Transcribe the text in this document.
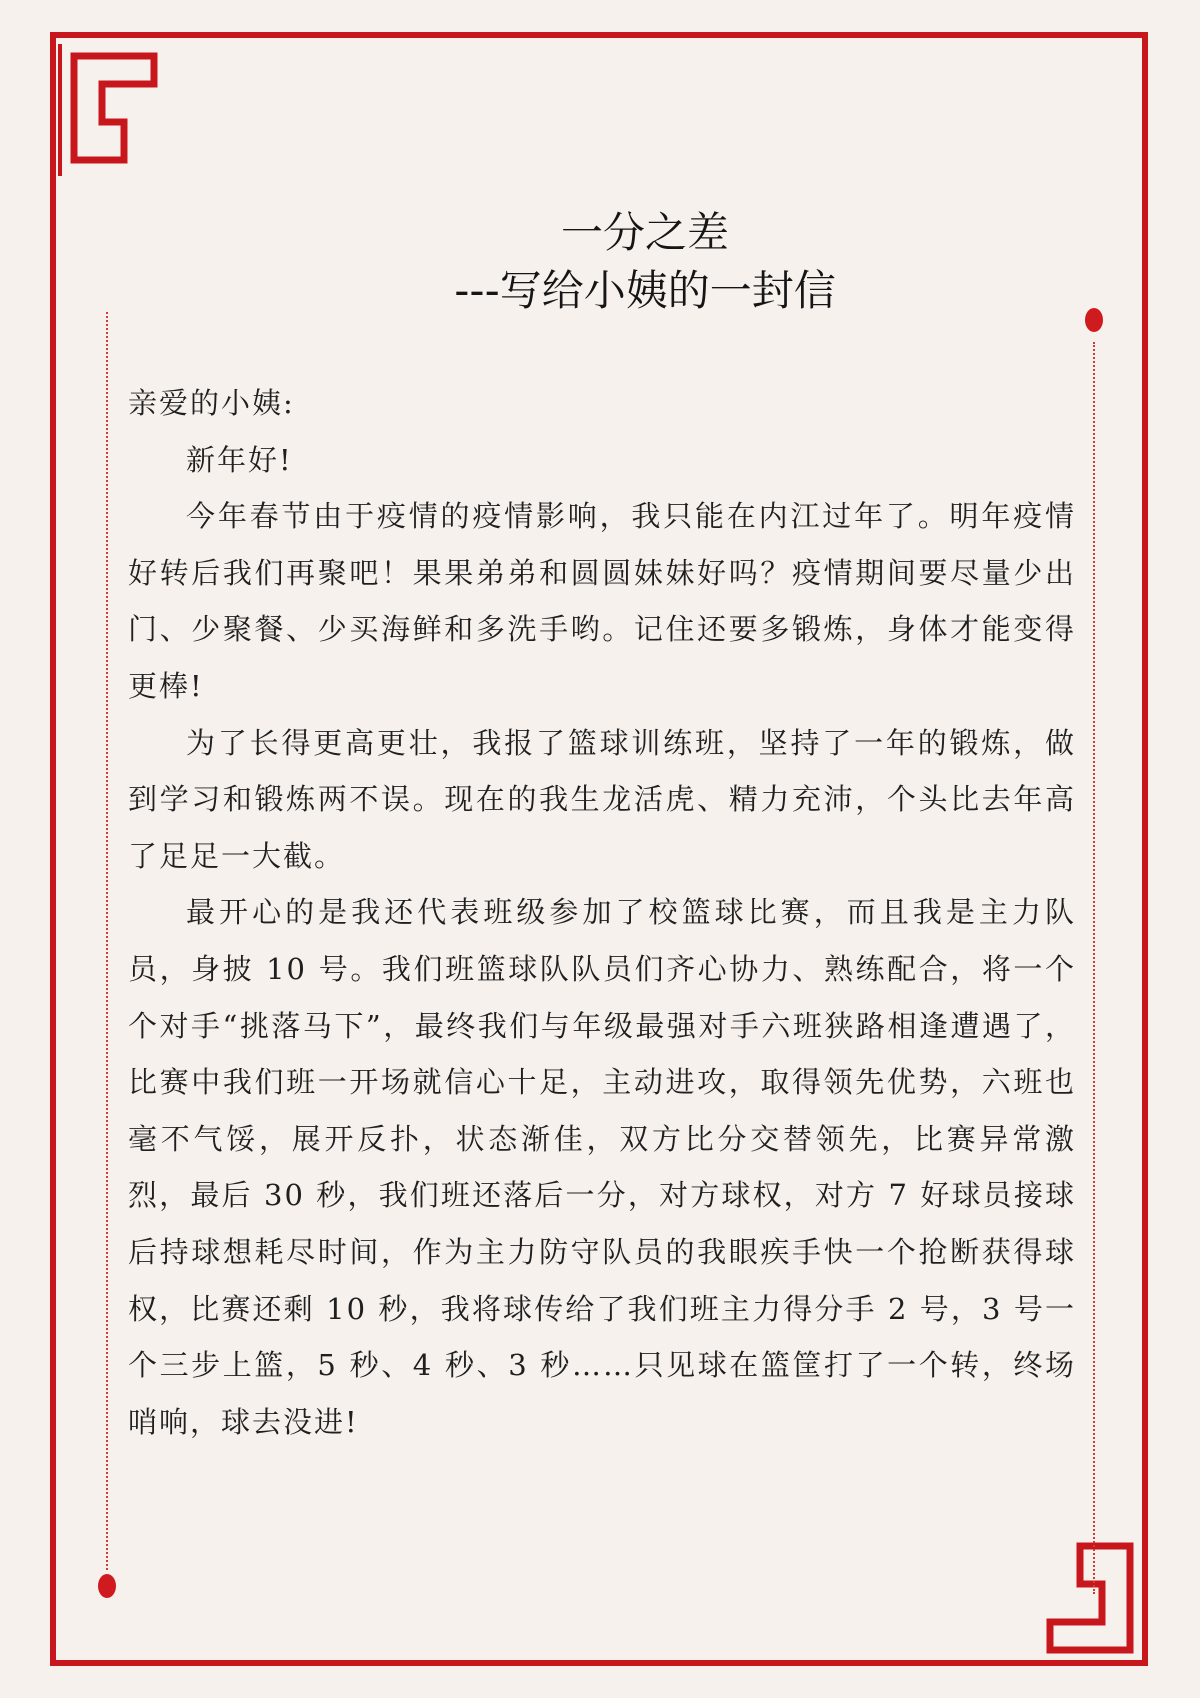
一分之差
---写给小姨的一封信

亲爱的小姨:

新年好!

今年春节由于疫情的疫情影响，我只能在内江过年了。明年疫情好转后我们再聚吧！果果弟弟和圆圆妹妹好吗？疫情期间要尽量少出门、少聚餐、少买海鲜和多洗手哟。记住还要多锻炼，身体才能变得更棒!

为了长得更高更壮，我报了篮球训练班，坚持了一年的锻炼，做到学习和锻炼两不误。现在的我生龙活虎、精力充沛，个头比去年高了足足一大截。

最开心的是我还代表班级参加了校篮球比赛，而且我是主力队员，身披 10 号。我们班篮球队队员们齐心协力、熟练配合，将一个个对手“挑落马下”，最终我们与年级最强对手六班狭路相逢遭遇了，比赛中我们班一开场就信心十足，主动进攻，取得领先优势，六班也毫不气馁，展开反扑，状态渐佳，双方比分交替领先，比赛异常激烈，最后 30 秒，我们班还落后一分，对方球权，对方 7 好球员接球后持球想耗尽时间，作为主力防守队员的我眼疾手快一个抢断获得球权，比赛还剩 10 秒，我将球传给了我们班主力得分手 2 号，3 号一个三步上篮，5 秒、4 秒、3 秒……只见球在篮筐打了一个转，终场哨响，球去没进!
